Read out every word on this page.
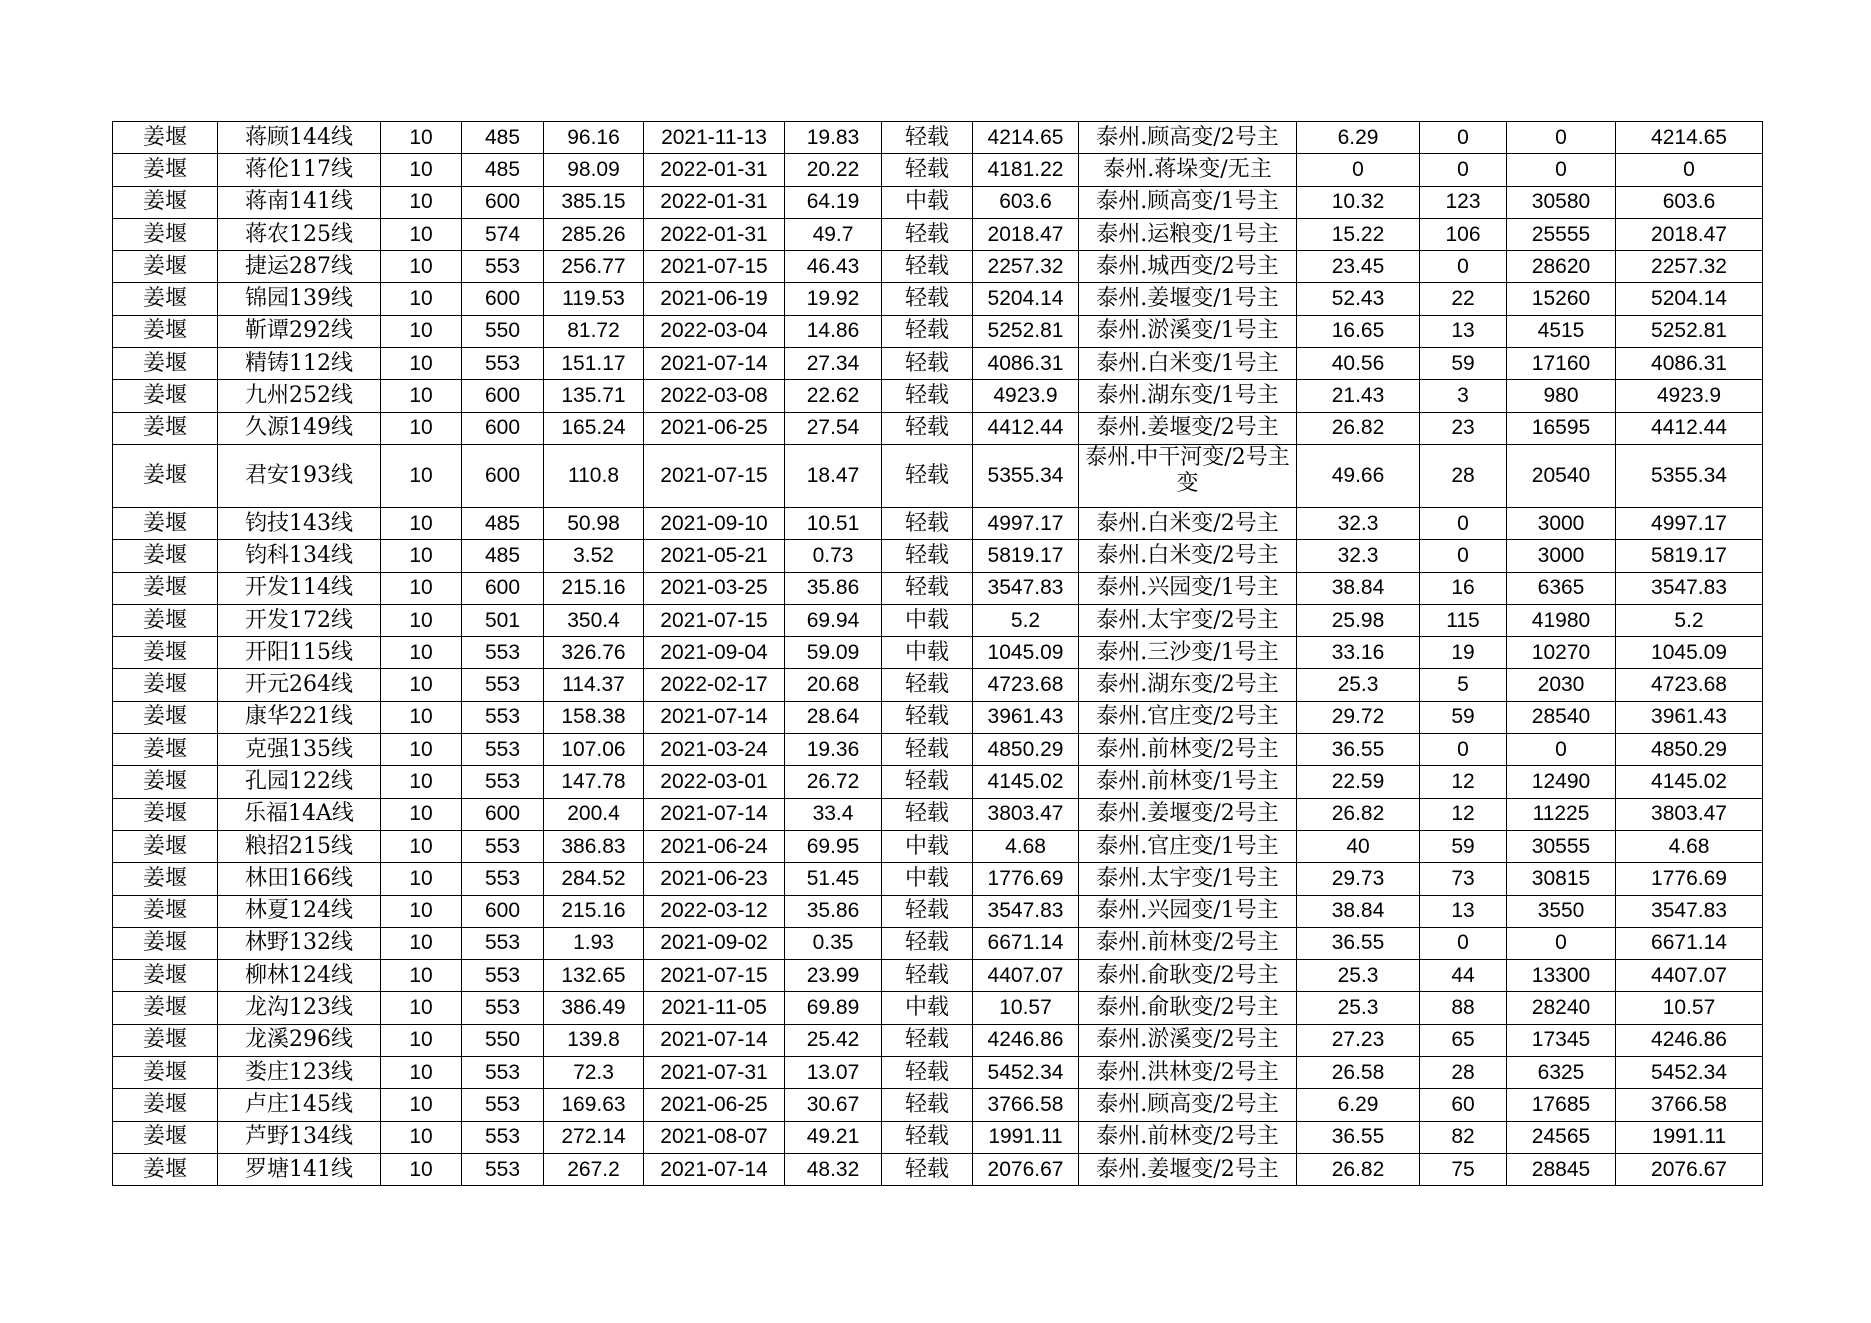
姜堰	蒋顾144线	10	485	96.16	2021-11-13	19.83	轻载	4214.65	泰州.顾高变/2号主	6.29	0	0	4214.65
姜堰	蒋伦117线	10	485	98.09	2022-01-31	20.22	轻载	4181.22	泰州.蒋垛变/无主	0	0	0	0
姜堰	蒋南141线	10	600	385.15	2022-01-31	64.19	中载	603.6	泰州.顾高变/1号主	10.32	123	30580	603.6
姜堰	蒋农125线	10	574	285.26	2022-01-31	49.7	轻载	2018.47	泰州.运粮变/1号主	15.22	106	25555	2018.47
姜堰	捷运287线	10	553	256.77	2021-07-15	46.43	轻载	2257.32	泰州.城西变/2号主	23.45	0	28620	2257.32
姜堰	锦园139线	10	600	119.53	2021-06-19	19.92	轻载	5204.14	泰州.姜堰变/1号主	52.43	22	15260	5204.14
姜堰	靳谭292线	10	550	81.72	2022-03-04	14.86	轻载	5252.81	泰州.淤溪变/1号主	16.65	13	4515	5252.81
姜堰	精铸112线	10	553	151.17	2021-07-14	27.34	轻载	4086.31	泰州.白米变/1号主	40.56	59	17160	4086.31
姜堰	九州252线	10	600	135.71	2022-03-08	22.62	轻载	4923.9	泰州.湖东变/1号主	21.43	3	980	4923.9
姜堰	久源149线	10	600	165.24	2021-06-25	27.54	轻载	4412.44	泰州.姜堰变/2号主	26.82	23	16595	4412.44
姜堰	君安193线	10	600	110.8	2021-07-15	18.47	轻载	5355.34	泰州.中干河变/2号主变	49.66	28	20540	5355.34
姜堰	钧技143线	10	485	50.98	2021-09-10	10.51	轻载	4997.17	泰州.白米变/2号主	32.3	0	3000	4997.17
姜堰	钧科134线	10	485	3.52	2021-05-21	0.73	轻载	5819.17	泰州.白米变/2号主	32.3	0	3000	5819.17
姜堰	开发114线	10	600	215.16	2021-03-25	35.86	轻载	3547.83	泰州.兴园变/1号主	38.84	16	6365	3547.83
姜堰	开发172线	10	501	350.4	2021-07-15	69.94	中载	5.2	泰州.太宇变/2号主	25.98	115	41980	5.2
姜堰	开阳115线	10	553	326.76	2021-09-04	59.09	中载	1045.09	泰州.三沙变/1号主	33.16	19	10270	1045.09
姜堰	开元264线	10	553	114.37	2022-02-17	20.68	轻载	4723.68	泰州.湖东变/2号主	25.3	5	2030	4723.68
姜堰	康华221线	10	553	158.38	2021-07-14	28.64	轻载	3961.43	泰州.官庄变/2号主	29.72	59	28540	3961.43
姜堰	克强135线	10	553	107.06	2021-03-24	19.36	轻载	4850.29	泰州.前林变/2号主	36.55	0	0	4850.29
姜堰	孔园122线	10	553	147.78	2022-03-01	26.72	轻载	4145.02	泰州.前林变/1号主	22.59	12	12490	4145.02
姜堰	乐福14A线	10	600	200.4	2021-07-14	33.4	轻载	3803.47	泰州.姜堰变/2号主	26.82	12	11225	3803.47
姜堰	粮招215线	10	553	386.83	2021-06-24	69.95	中载	4.68	泰州.官庄变/1号主	40	59	30555	4.68
姜堰	林田166线	10	553	284.52	2021-06-23	51.45	中载	1776.69	泰州.太宇变/1号主	29.73	73	30815	1776.69
姜堰	林夏124线	10	600	215.16	2022-03-12	35.86	轻载	3547.83	泰州.兴园变/1号主	38.84	13	3550	3547.83
姜堰	林野132线	10	553	1.93	2021-09-02	0.35	轻载	6671.14	泰州.前林变/2号主	36.55	0	0	6671.14
姜堰	柳林124线	10	553	132.65	2021-07-15	23.99	轻载	4407.07	泰州.俞耿变/2号主	25.3	44	13300	4407.07
姜堰	龙沟123线	10	553	386.49	2021-11-05	69.89	中载	10.57	泰州.俞耿变/2号主	25.3	88	28240	10.57
姜堰	龙溪296线	10	550	139.8	2021-07-14	25.42	轻载	4246.86	泰州.淤溪变/2号主	27.23	65	17345	4246.86
姜堰	娄庄123线	10	553	72.3	2021-07-31	13.07	轻载	5452.34	泰州.洪林变/2号主	26.58	28	6325	5452.34
姜堰	卢庄145线	10	553	169.63	2021-06-25	30.67	轻载	3766.58	泰州.顾高变/2号主	6.29	60	17685	3766.58
姜堰	芦野134线	10	553	272.14	2021-08-07	49.21	轻载	1991.11	泰州.前林变/2号主	36.55	82	24565	1991.11
姜堰	罗塘141线	10	553	267.2	2021-07-14	48.32	轻载	2076.67	泰州.姜堰变/2号主	26.82	75	28845	2076.67
